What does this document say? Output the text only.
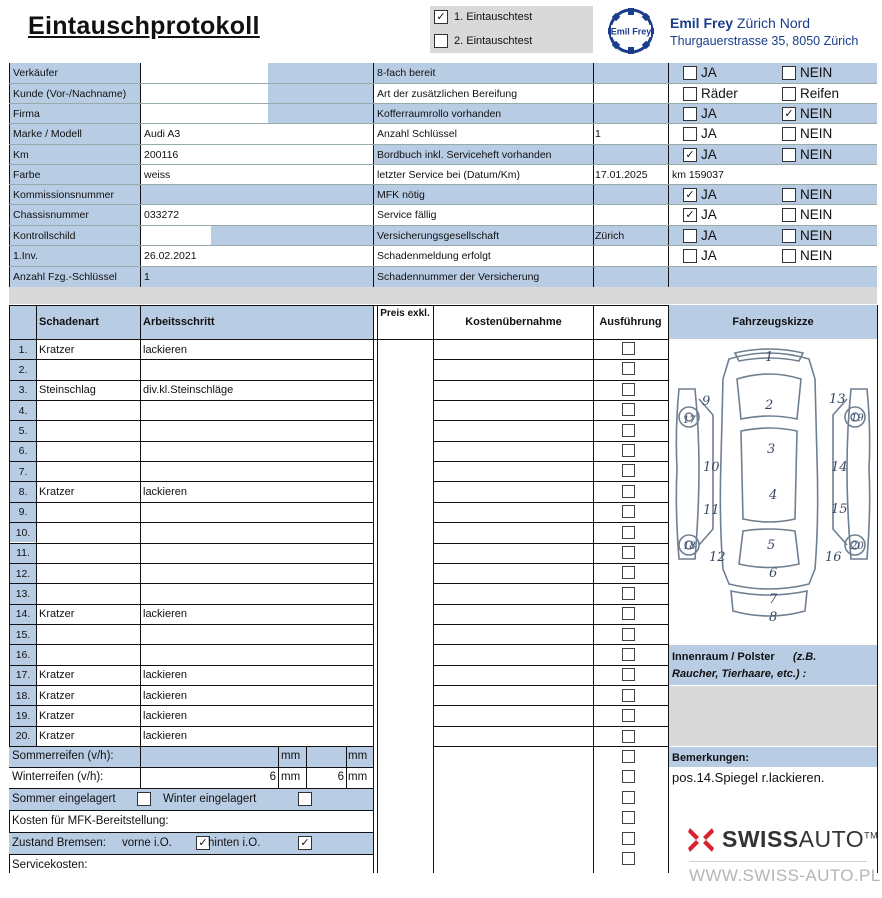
Eintauschprotokoll	✓ 1. Eintauschtest
2. Eintauschtest
Emil Frey
Emil Frey Zürich Nord
Thurgauerstrasse 35, 8050 Zürich
Verkäufer	8-fach bereit	JA	NEIN
Kunde (Vor-/Nachname)	Art der zusätzlichen Bereifung	Räder	Reifen
Firma	Kofferraumrollo vorhanden	JA	✓ NEIN
Marke / Modell	Audi A3	Anzahl Schlüssel	1	JA	NEIN
Km	200116	Bordbuch inkl. Serviceheft vorhanden	✓ JA	NEIN
Farbe	weiss	letzter Service bei (Datum/Km)	17.01.2025	km 159037
Kommissionsnummer	MFK nötig	✓ JA	NEIN
Chassisnummer	033272	Service fällig	✓ JA	NEIN
Kontrollschild	Versicherungsgesellschaft	Zürich	JA	NEIN
1.Inv.	26.02.2021	Schadenmeldung erfolgt	JA	NEIN
Anzahl Fzg.-Schlüssel	1	Schadennummer der Versicherung
Schadenart	Arbeitsschritt
Preis exkl.
Kostenübernahme	Ausführung
1.	Kratzer	lackieren
2.
3.	Steinschlag	div.kl.Steinschläge
4.
5.
6.
7.
8.	Kratzer	lackieren
9.
10.
11.
12.
13.
14. Kratzer	lackieren
15.
16.
17. Kratzer	lackieren
18. Kratzer	lackieren
19. Kratzer	lackieren
20. Kratzer	lackieren
Sommerreifen (v/h):	mm	mm
Winterreifen (v/h):	6 mm	6 mm
Sommer eingelagert	Winter eingelagert
Kosten für MFK-Bereitstellung:
Zustand Bremsen: vorne i.O. ✓ hinten i.O.	✓
Servicekosten:
Fahrzeugskizze
1
2
3
4
5
6
7
8
9
10
11
12
13
14
15
16
17
18
19
20
Innenraum / Polster (z.B.
Raucher, Tierhaare, etc.) :
Bemerkungen:
pos.14.Spiegel r.lackieren.
SWISSAUTO™
WWW.SWISS-AUTO.PL
